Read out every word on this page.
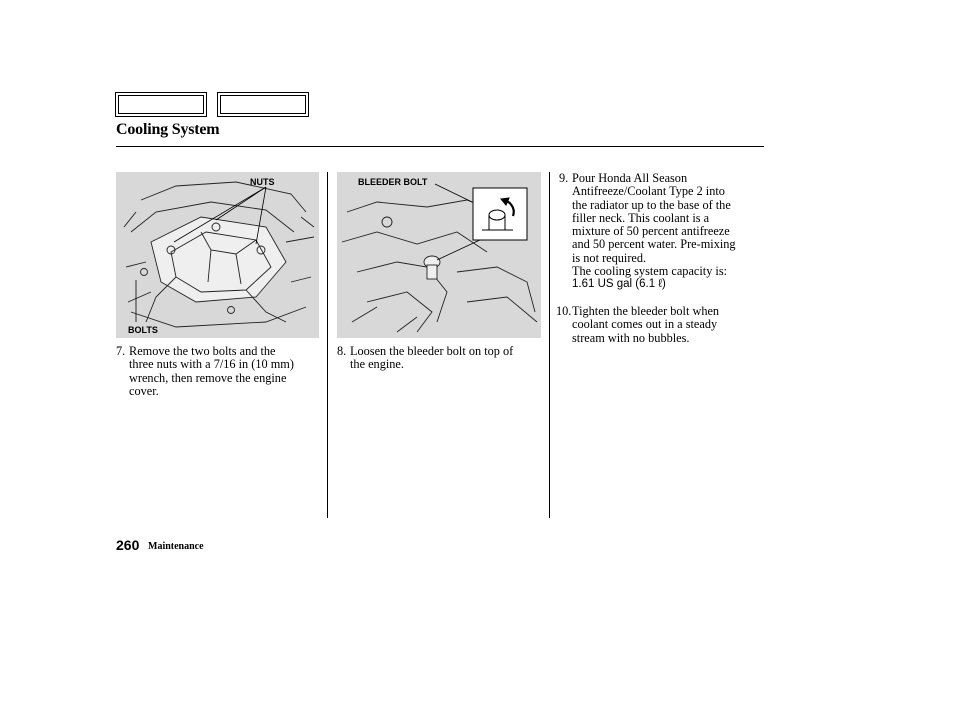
Cooling System
NUTS
BOLTS
BLEEDER BOLT
7. Remove the two bolts and the
three nuts with a 7/16 in (10 mm)
wrench, then remove the engine
cover.
8. Loosen the bleeder bolt on top of
the engine.
9. Pour Honda All Season
Antifreeze/Coolant Type 2 into
the radiator up to the base of the
filler neck. This coolant is a
mixture of 50 percent antifreeze
and 50 percent water. Pre-mixing
is not required.
The cooling system capacity is:
1.61 US gal (6.1 ℓ)
10. Tighten the bleeder bolt when
coolant comes out in a steady
stream with no bubbles.
260 Maintenance
